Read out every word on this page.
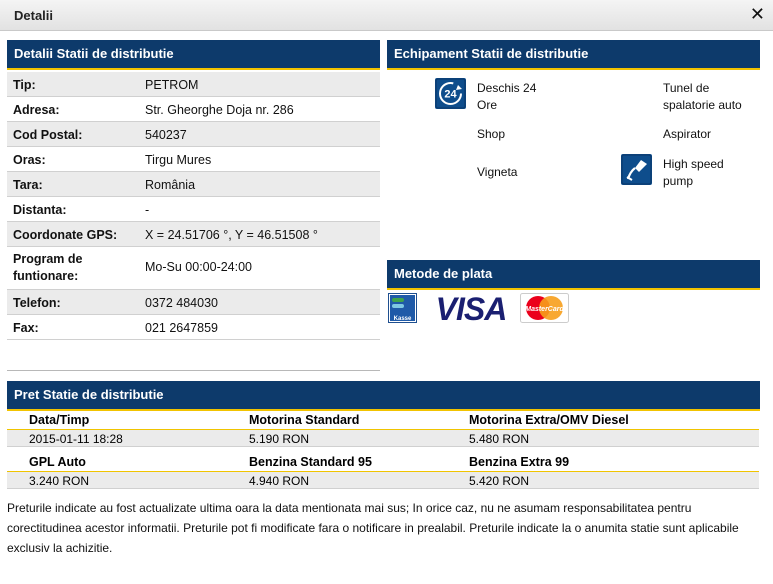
Detalii	✕
Detalii Statii de distributie
Tip:	PETROM
Adresa:	Str. Gheorghe Doja nr. 286
Cod Postal:	540237
Oras:	Tirgu Mures
Tara:	România
Distanta:	-
Coordonate GPS: X = 24.51706 °, Y = 46.51508 °
Program de funtionare:
Mo-Su 00:00-24:00
Telefon:	0372 484030
Fax:	021 2647859
Echipament Statii de distributie
24 Deschis 24 Ore
Tunel de spalatorie auto
Shop	Aspirator
Vigneta
High speed pump
Metode de plata
Kasse VISA	MasterCard
Pret Statie de distributie
Data/Timp	Motorina Standard	Motorina Extra/OMV Diesel
2015-01-11 18:28	5.190 RON	5.480 RON
GPL Auto	Benzina Standard 95	Benzina Extra 99
3.240 RON	4.940 RON	5.420 RON
Preturile indicate au fost actualizate ultima oara la data mentionata mai sus; In orice caz, nu ne asumam responsabilitatea pentru corectitudinea acestor informatii. Preturile pot fi modificate fara o notificare in prealabil. Preturile indicate la o anumita statie sunt aplicabile exclusiv la achizitie.
